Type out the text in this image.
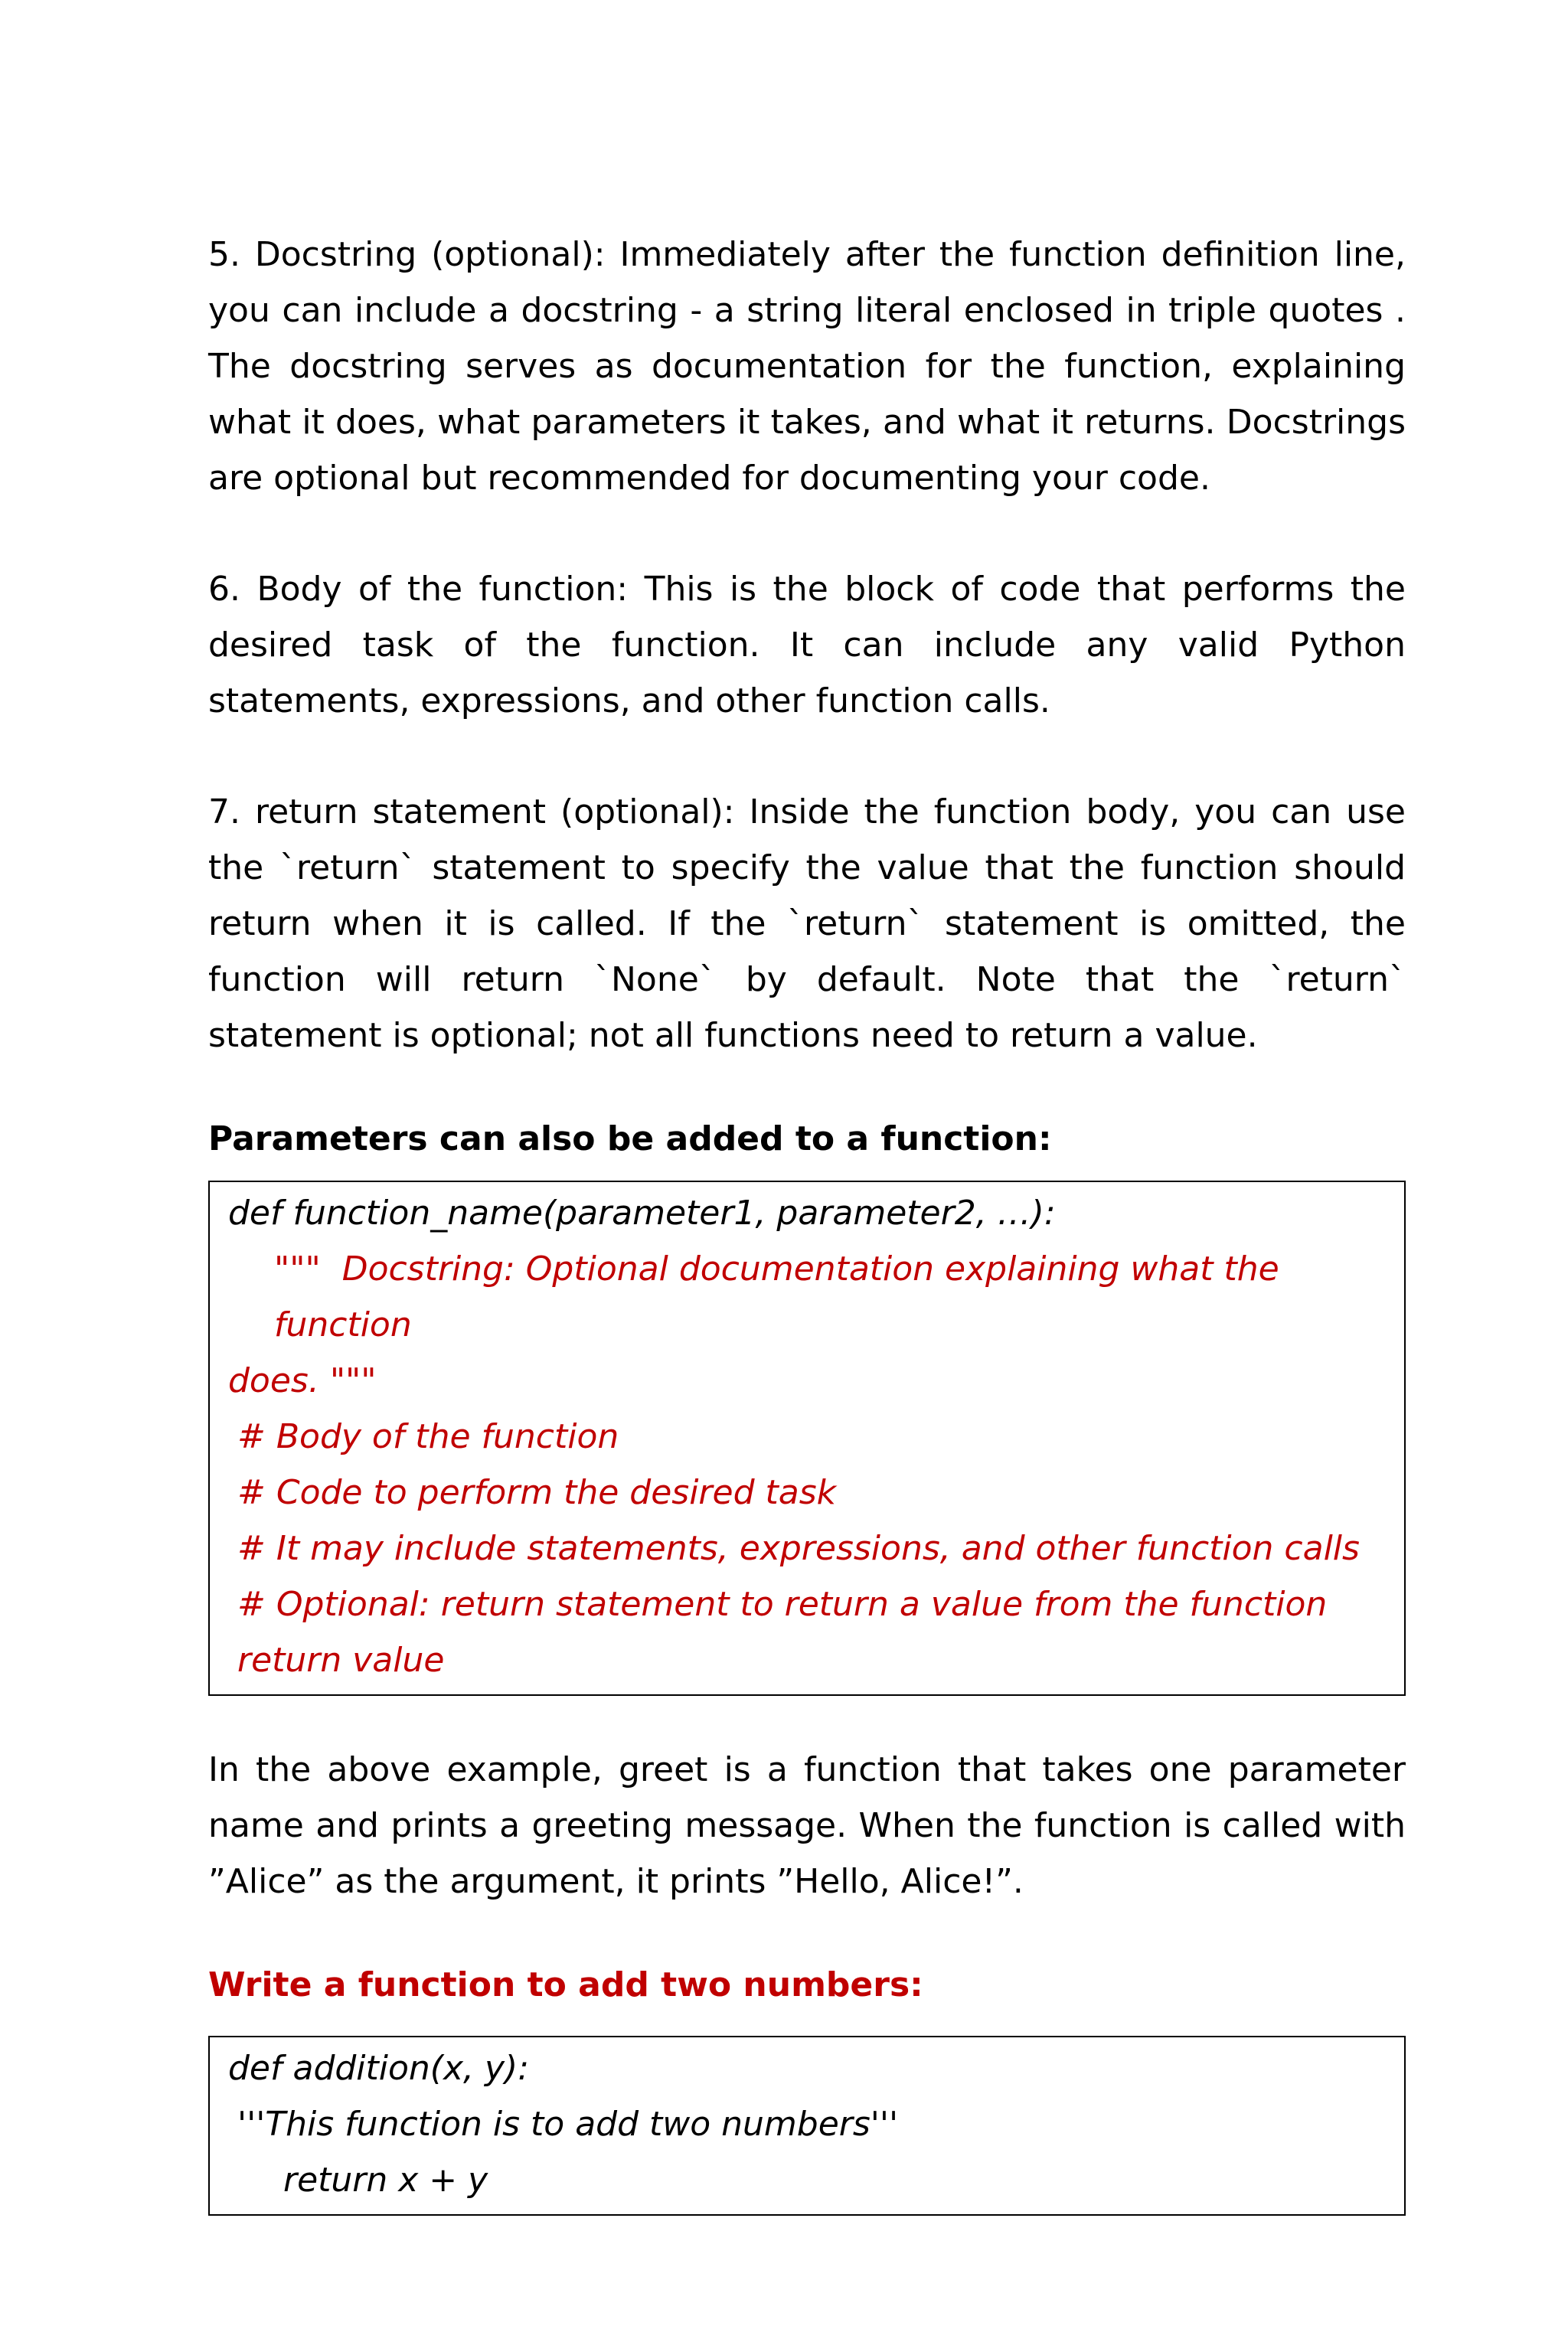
5. Docstring (optional): Immediately after the function definition line, you can include a docstring - a string literal enclosed in triple quotes . The docstring serves as documentation for the function, explaining what it does, what parameters it takes, and what it returns. Docstrings are optional but recommended for documenting your code.

6. Body of the function: This is the block of code that performs the desired task of the function. It can include any valid Python statements, expressions, and other function calls.

7. return statement (optional): Inside the function body, you can use the `return` statement to specify the value that the function should return when it is called. If the `return` statement is omitted, the function will return `None` by default. Note that the `return` statement is optional; not all functions need to return a value.

Parameters can also be added to a function:

def function_name(parameter1, parameter2, …):

"""  Docstring: Optional documentation explaining what the function

does. """

# Body of the function

# Code to perform the desired task

# It may include statements, expressions, and other function calls

# Optional: return statement to return a value from the function

return value

In the above example, greet is a function that takes one parameter name and prints a greeting message. When the function is called with ”Alice” as the argument, it prints ”Hello, Alice!”.

Write a function to add two numbers:

def addition(x, y):

'''This function is to add two numbers'''

return x + y
